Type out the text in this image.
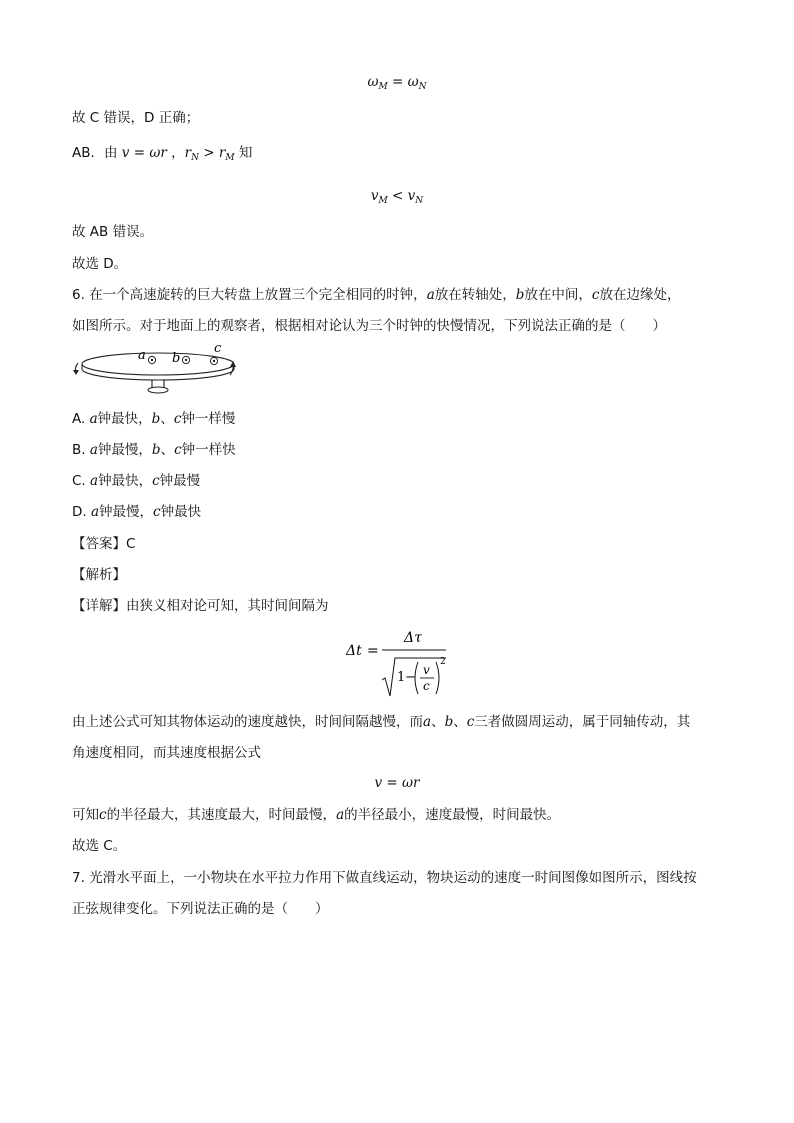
$\omega_M = \omega_N$
故 C 错误，D 正确；
AB．由 v = ωr ，$r_N > r_M$ 知
$v_M < v_N$
故 AB 错误。
故选 D。
6. 在一个高速旋转的巨大转盘上放置三个完全相同的时钟，a放在转轴处，b放在中间，c放在边缘处，
如图所示。对于地面上的观察者，根据相对论认为三个时钟的快慢情况，下列说法正确的是（　　）
a b
c
A. a钟最快，b、c钟一样慢
B. a钟最慢，b、c钟一样快
C. a钟最快，c钟最慢
D. a钟最慢，c钟最快
【答案】C
【解析】
【详解】由狭义相对论可知，其时间间隔为
Δt =
Δτ
1 − v
c
2
由上述公式可知其物体运动的速度越快，时间间隔越慢，而a、b、c三者做圆周运动，属于同轴传动，其
角速度相同，而其速度根据公式
v = ωr
可知c的半径最大，其速度最大，时间最慢，a的半径最小，速度最慢，时间最快。
故选 C。
7. 光滑水平面上，一小物块在水平拉力作用下做直线运动，物块运动的速度一时间图像如图所示，图线按
正弦规律变化。下列说法正确的是（　　）
